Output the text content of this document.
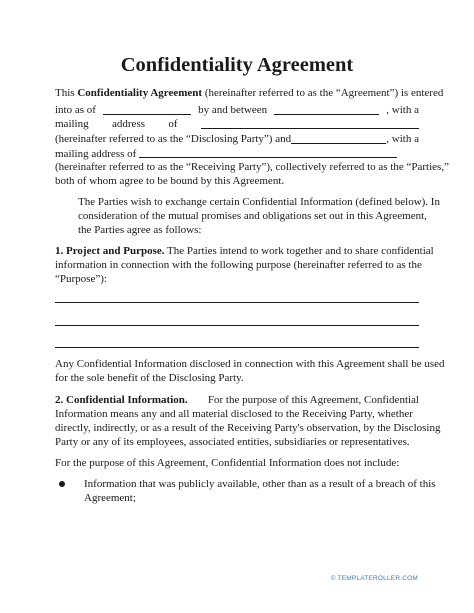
Confidentiality Agreement
This Confidentiality Agreement (hereinafter referred to as the “Agreement”) is entered
into as of	by and between	, with a
mailing address of
(hereinafter referred to as the “Disclosing Party”) and	, with a
mailing address of
(hereinafter referred to as the “Receiving Party”), collectively referred to as the “Parties,”
both of whom agree to be bound by this Agreement.
The Parties wish to exchange certain Confidential Information (defined below). In
consideration of the mutual promises and obligations set out in this Agreement,
the Parties agree as follows:
1. Project and Purpose. The Parties intend to work together and to share confidential
information in connection with the following purpose (hereinafter referred to as the
“Purpose”):
Any Confidential Information disclosed in connection with this Agreement shall be used
for the sole benefit of the Disclosing Party.
2. Confidential Information. For the purpose of this Agreement, Confidential
Information means any and all material disclosed to the Receiving Party, whether
directly, indirectly, or as a result of the Receiving Party's observation, by the Disclosing
Party or any of its employees, associated entities, subsidiaries or representatives.
For the purpose of this Agreement, Confidential Information does not include:
Information that was publicly available, other than as a result of a breach of this
Agreement;
© TEMPLATEROLLER.COM
